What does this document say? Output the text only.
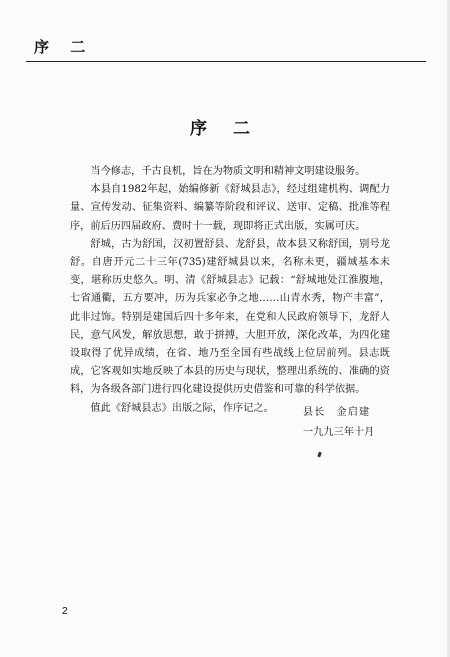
序 二
序 二

当今修志，千古良机，旨在为物质文明和精神文明建设服务。

本县自1982年起，始编修新《舒城县志》，经过组建机构、调配力量、宣传发动、征集资料、编纂等阶段和评议、送审、定稿、批准等程序，前后历四届政府、费时十一载，现即将正式出版，实属可庆。

舒城，古为舒国，汉初置舒县、龙舒县，故本县又称舒国，别号龙舒。自唐开元二十三年(735)建舒城县以来，名称未更，疆域基本未变，堪称历史悠久。明、清《舒城县志》记载：“舒城地处江淮腹地，七省通衢，五方要冲，历为兵家必争之地……山青水秀，物产丰富”，此非过饰。特别是建国后四十多年来，在党和人民政府领导下，龙舒人民，意气风发，解放思想，敢于拼搏，大胆开放，深化改革，为四化建设取得了优异成绩，在省、地乃至全国有些战线上位居前列。县志既成，它客观如实地反映了本县的历史与现状，整理出系统的、准确的资料，为各级各部门进行四化建设提供历史借鉴和可靠的科学依据。

值此《舒城县志》出版之际，作序记之。	县长　金启建
一九九三年十月
2
